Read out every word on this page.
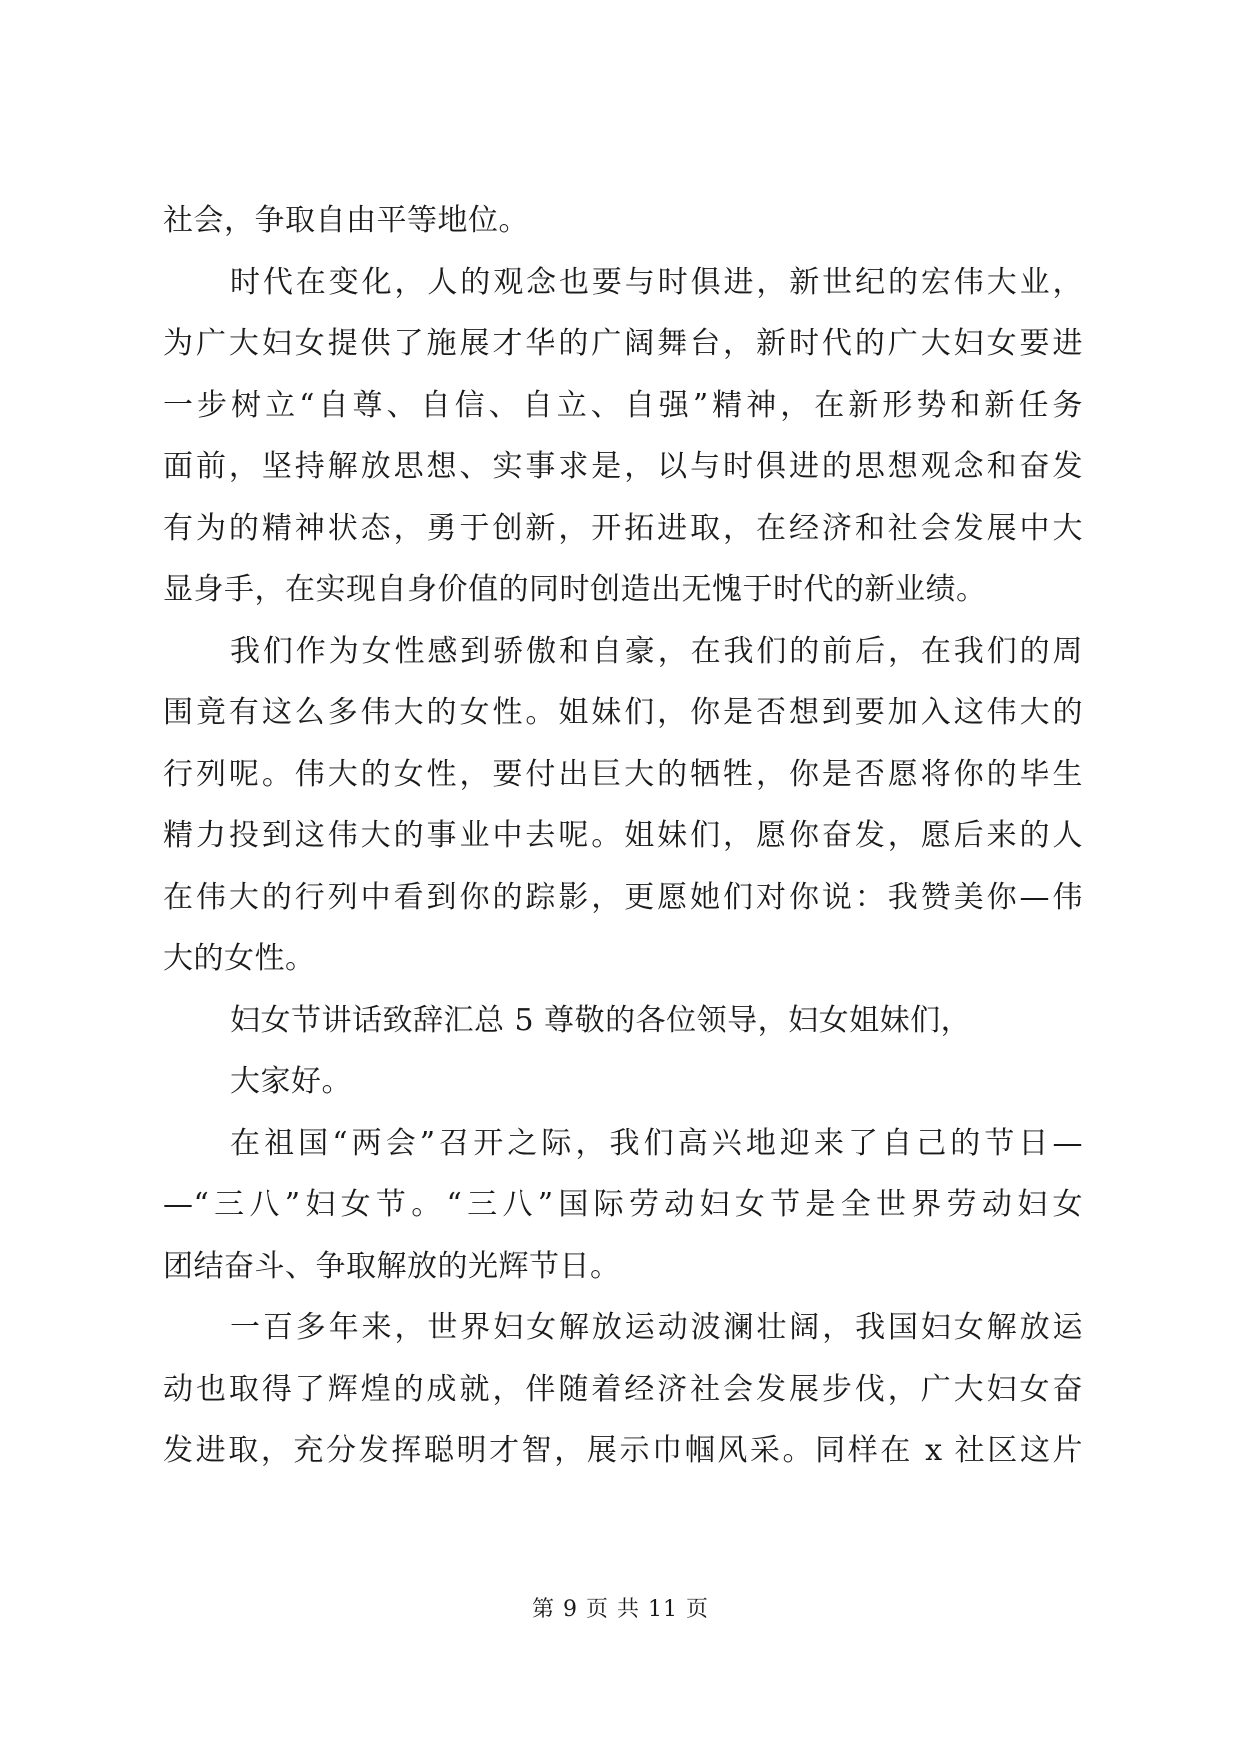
社会，争取自由平等地位。
时代在变化，人的观念也要与时俱进，新世纪的宏伟大业，
为广大妇女提供了施展才华的广阔舞台，新时代的广大妇女要进
一步树立“自尊、自信、自立、自强”精神，在新形势和新任务
面前，坚持解放思想、实事求是，以与时俱进的思想观念和奋发
有为的精神状态，勇于创新，开拓进取，在经济和社会发展中大
显身手，在实现自身价值的同时创造出无愧于时代的新业绩。
我们作为女性感到骄傲和自豪，在我们的前后，在我们的周
围竟有这么多伟大的女性。姐妹们，你是否想到要加入这伟大的
行列呢。伟大的女性，要付出巨大的牺牲，你是否愿将你的毕生
精力投到这伟大的事业中去呢。姐妹们，愿你奋发，愿后来的人
在伟大的行列中看到你的踪影，更愿她们对你说：我赞美你—伟
大的女性。
妇女节讲话致辞汇总 5 尊敬的各位领导，妇女姐妹们，
大家好。
在祖国“两会”召开之际，我们高兴地迎来了自己的节日—
—“三八”妇女节。“三八”国际劳动妇女节是全世界劳动妇女
团结奋斗、争取解放的光辉节日。
一百多年来，世界妇女解放运动波澜壮阔，我国妇女解放运
动也取得了辉煌的成就，伴随着经济社会发展步伐，广大妇女奋
发进取，充分发挥聪明才智，展示巾帼风采。同样在 x 社区这片
第 9 页 共 11 页
